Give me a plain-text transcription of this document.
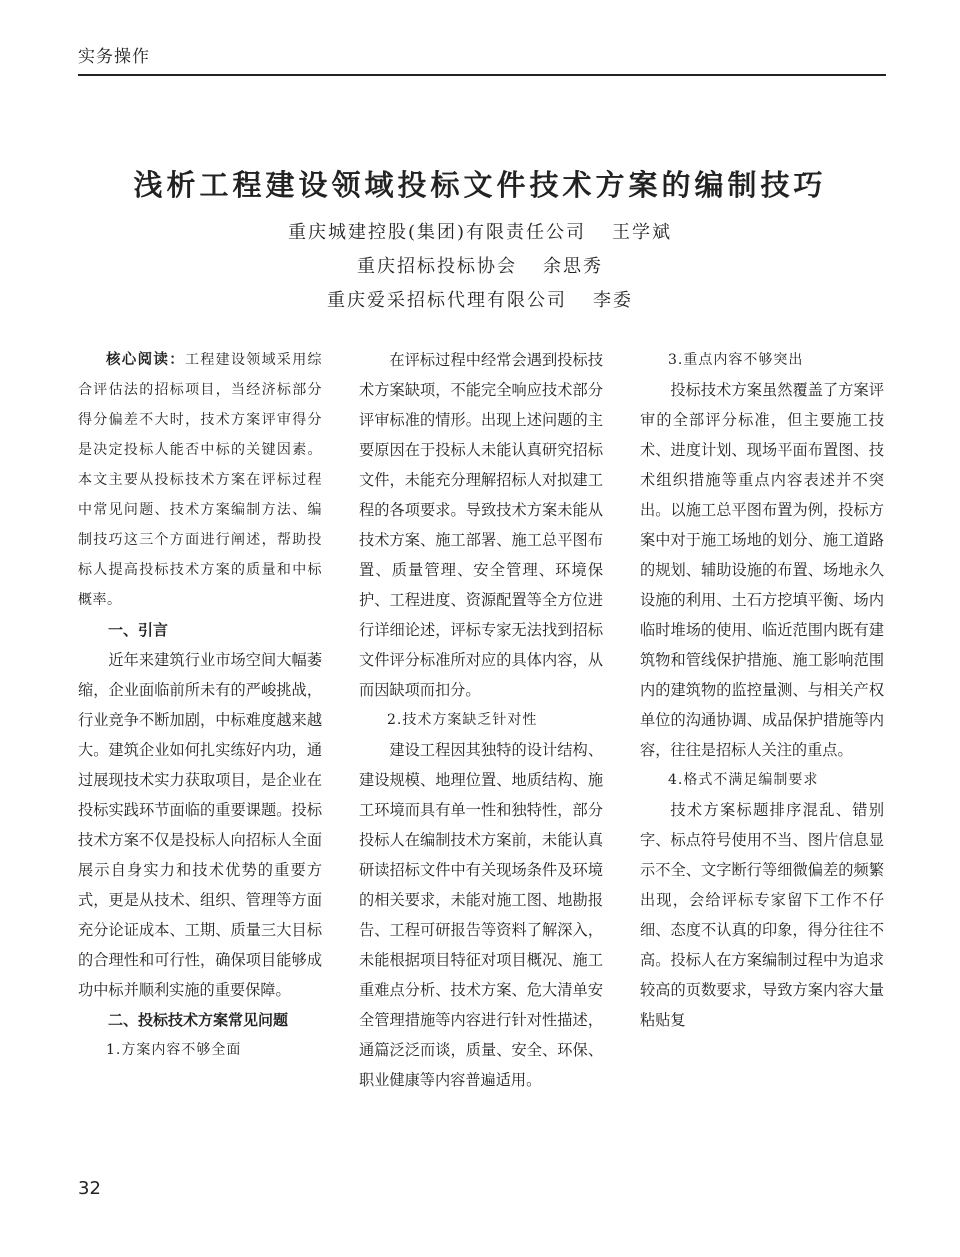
实务操作
浅析工程建设领域投标文件技术方案的编制技巧
重庆城建控股(集团)有限责任公司 王学斌
重庆招标投标协会 余思秀
重庆爱采招标代理有限公司 李委

核心阅读：工程建设领域采用综合评估法的招标项目，当经济标部分得分偏差不大时，技术方案评审得分是决定投标人能否中标的关键因素。本文主要从投标技术方案在评标过程中常见问题、技术方案编制方法、编制技巧这三个方面进行阐述，帮助投标人提高投标技术方案的质量和中标概率。

一、引言

近年来建筑行业市场空间大幅萎缩，企业面临前所未有的严峻挑战，行业竞争不断加剧，中标难度越来越大。建筑企业如何扎实练好内功，通过展现技术实力获取项目，是企业在投标实践环节面临的重要课题。投标技术方案不仅是投标人向招标人全面展示自身实力和技术优势的重要方式，更是从技术、组织、管理等方面充分论证成本、工期、质量三大目标的合理性和可行性，确保项目能够成功中标并顺利实施的重要保障。

二、投标技术方案常见问题

1.方案内容不够全面

在评标过程中经常会遇到投标技术方案缺项，不能完全响应技术部分评审标准的情形。出现上述问题的主要原因在于投标人未能认真研究招标文件，未能充分理解招标人对拟建工程的各项要求。导致技术方案未能从技术方案、施工部署、施工总平图布置、质量管理、安全管理、环境保护、工程进度、资源配置等全方位进行详细论述，评标专家无法找到招标文件评分标准所对应的具体内容，从而因缺项而扣分。

2.技术方案缺乏针对性

建设工程因其独特的设计结构、建设规模、地理位置、地质结构、施工环境而具有单一性和独特性，部分投标人在编制技术方案前，未能认真研读招标文件中有关现场条件及环境的相关要求，未能对施工图、地勘报告、工程可研报告等资料了解深入，未能根据项目特征对项目概况、施工重难点分析、技术方案、危大清单安全管理措施等内容进行针对性描述，通篇泛泛而谈，质量、安全、环保、职业健康等内容普遍适用。

3.重点内容不够突出

投标技术方案虽然覆盖了方案评审的全部评分标准，但主要施工技术、进度计划、现场平面布置图、技术组织措施等重点内容表述并不突出。以施工总平图布置为例，投标方案中对于施工场地的划分、施工道路的规划、辅助设施的布置、场地永久设施的利用、土石方挖填平衡、场内临时堆场的使用、临近范围内既有建筑物和管线保护措施、施工影响范围内的建筑物的监控量测、与相关产权单位的沟通协调、成品保护措施等内容，往往是招标人关注的重点。

4.格式不满足编制要求

技术方案标题排序混乱、错别字、标点符号使用不当、图片信息显示不全、文字断行等细微偏差的频繁出现，会给评标专家留下工作不仔细、态度不认真的印象，得分往往不高。投标人在方案编制过程中为追求较高的页数要求，导致方案内容大量粘贴复

32
